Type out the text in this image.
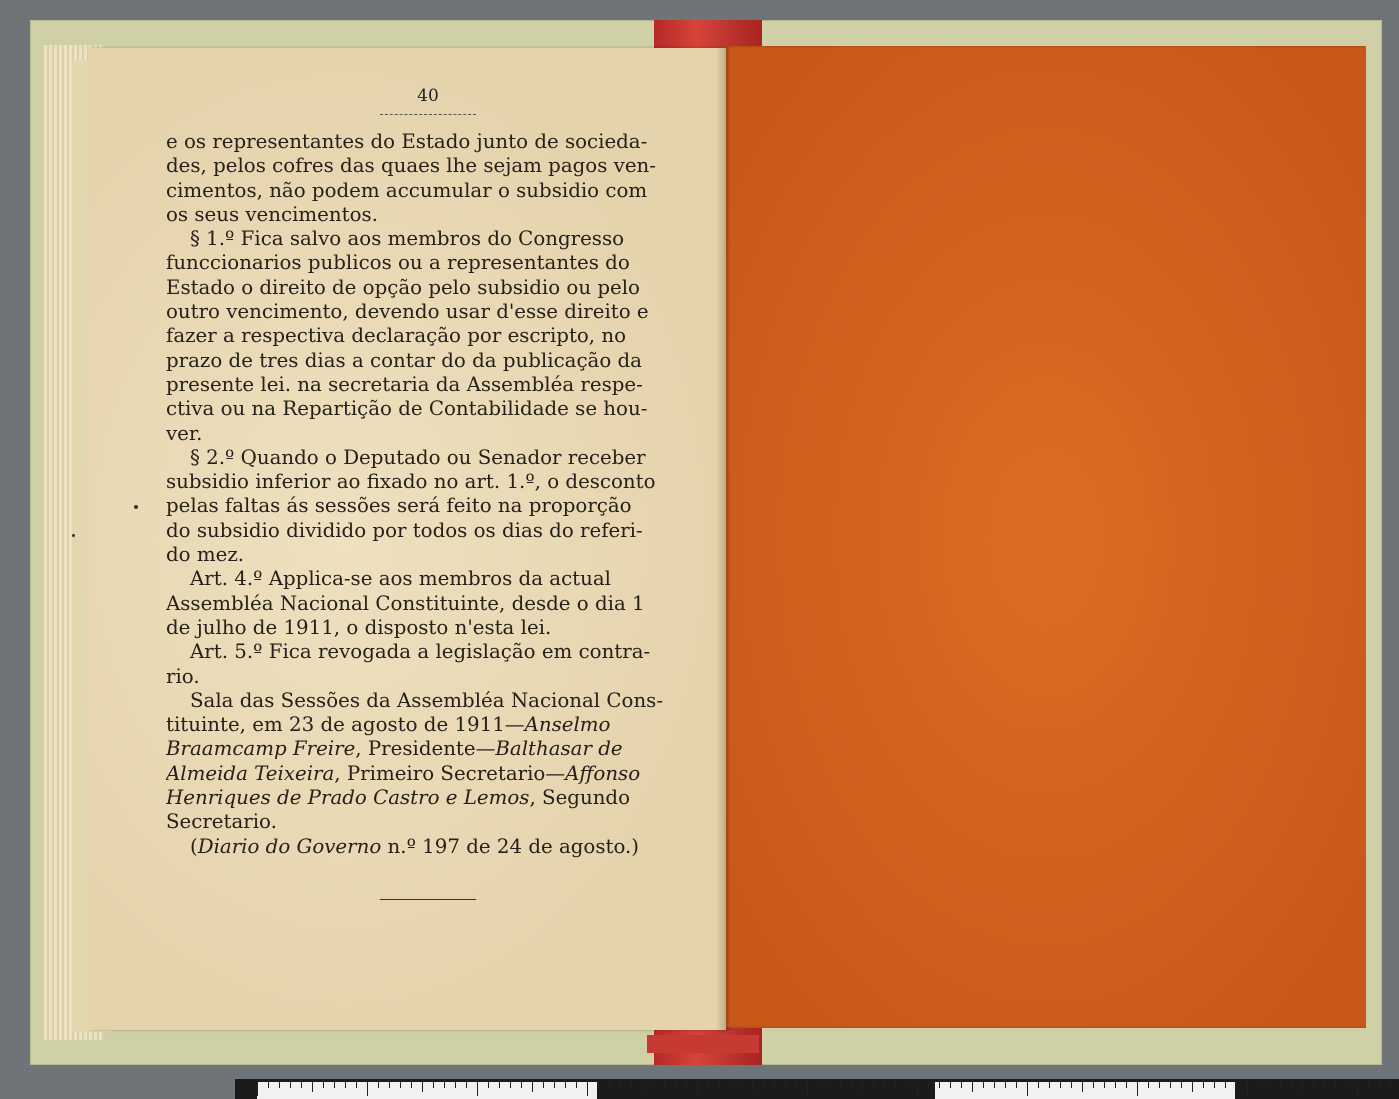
40
e os representantes do Estado junto de socieda-
des, pelos cofres das quaes lhe sejam pagos ven-
cimentos, não podem accumular o subsidio com
os seus vencimentos.
§ 1.º Fica salvo aos membros do Congresso
funccionarios publicos ou a representantes do
Estado o direito de opção pelo subsidio ou pelo
outro vencimento, devendo usar d'esse direito e
fazer a respectiva declaração por escripto, no
prazo de tres dias a contar do da publicação da
presente lei. na secretaria da Assembléa respe-
ctiva ou na Repartição de Contabilidade se hou-
ver.
§ 2.º Quando o Deputado ou Senador receber
subsidio inferior ao fixado no art. 1.º, o desconto
pelas faltas ás sessões será feito na proporção
do subsidio dividido por todos os dias do referi-
do mez.
Art. 4.º Applica-se aos membros da actual
Assembléa Nacional Constituinte, desde o dia 1
de julho de 1911, o disposto n'esta lei.
Art. 5.º Fica revogada a legislação em contra-
rio.
Sala das Sessões da Assembléa Nacional Cons-
tituinte, em 23 de agosto de 1911—Anselmo
Braamcamp Freire, Presidente—Balthasar de
Almeida Teixeira, Primeiro Secretario—Affonso
Henriques de Prado Castro e Lemos, Segundo
Secretario.
(Diario do Governo n.º 197 de 24 de agosto.)
